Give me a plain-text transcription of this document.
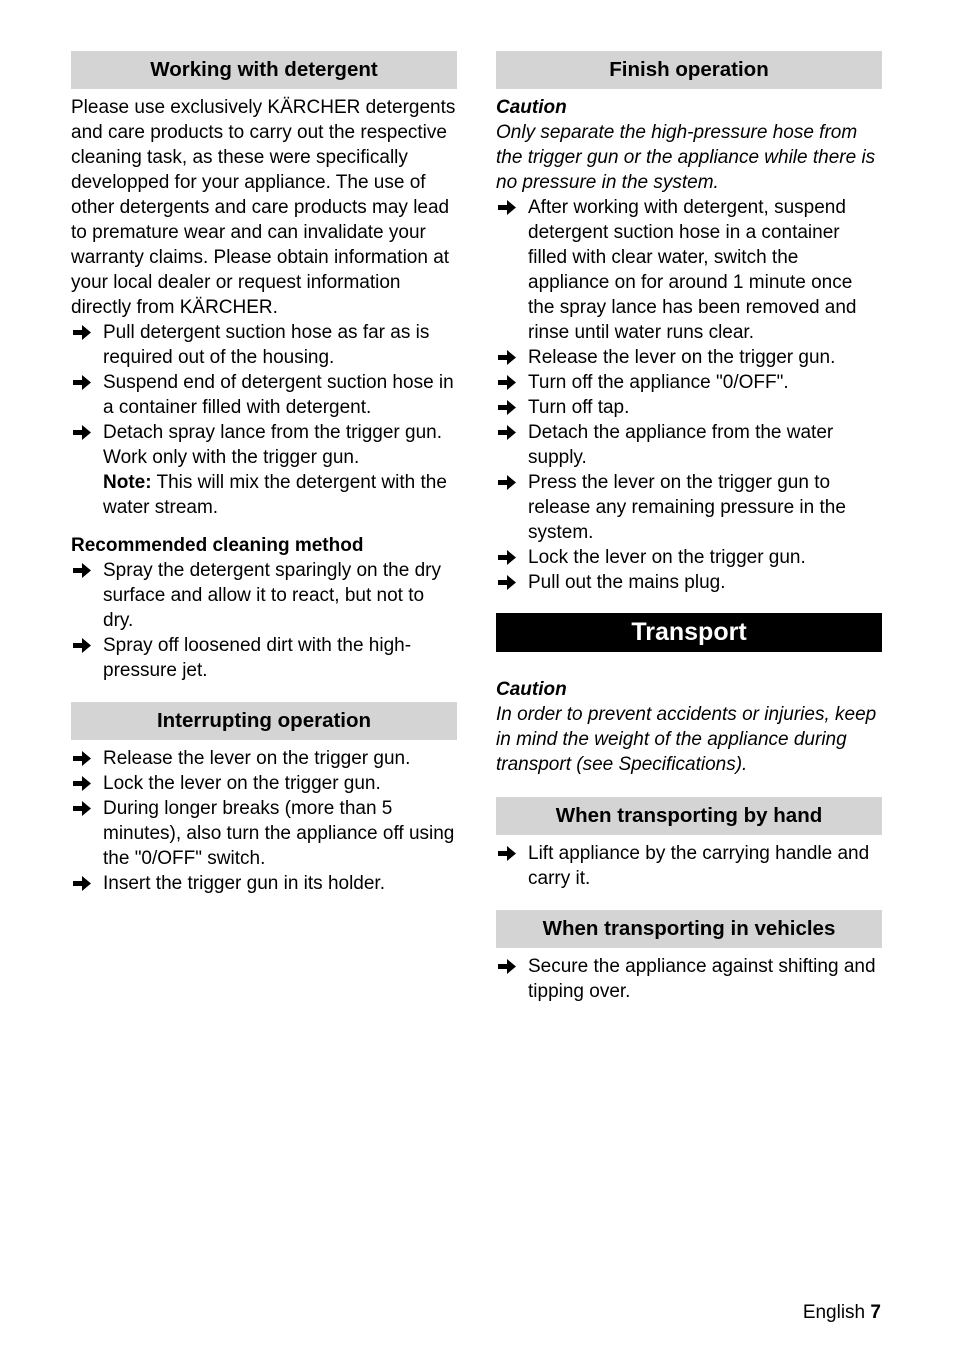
Working with detergent

Please use exclusively KÄRCHER detergents and care products to carry out the respective cleaning task, as these were specifically developped for your appliance. The use of other detergents and care products may lead to premature wear and can invalidate your warranty claims. Please obtain information at your local dealer or request information directly from KÄRCHER.

Pull detergent suction hose as far as is required out of the housing.
Suspend end of detergent suction hose in a container filled with detergent.
Detach spray lance from the trigger gun. Work only with the trigger gun.
Note: This will mix the detergent with the water stream.

Recommended cleaning method

Spray the detergent sparingly on the dry surface and allow it to react, but not to dry.
Spray off loosened dirt with the high-pressure jet.
Interrupting operation
Release the lever on the trigger gun.
Lock the lever on the trigger gun.
During longer breaks (more than 5 minutes), also turn the appliance off using the "0/OFF" switch.
Insert the trigger gun in its holder.
Finish operation

Caution

Only separate the high-pressure hose from the trigger gun or the appliance while there is no pressure in the system.

After working with detergent, suspend detergent suction hose in a container filled with clear water, switch the appliance on for around 1 minute once the spray lance has been removed and rinse until water runs clear.
Release the lever on the trigger gun.
Turn off the appliance "0/OFF".
Turn off tap.
Detach the appliance from the water supply.
Press the lever on the trigger gun to release any remaining pressure in the system.
Lock the lever on the trigger gun.
Pull out the mains plug.
Transport

Caution

In order to prevent accidents or injuries, keep in mind the weight of the appliance during transport (see Specifications).

When transporting by hand
Lift appliance by the carrying handle and carry it.
When transporting in vehicles
Secure the appliance against shifting and tipping over.
English 7
